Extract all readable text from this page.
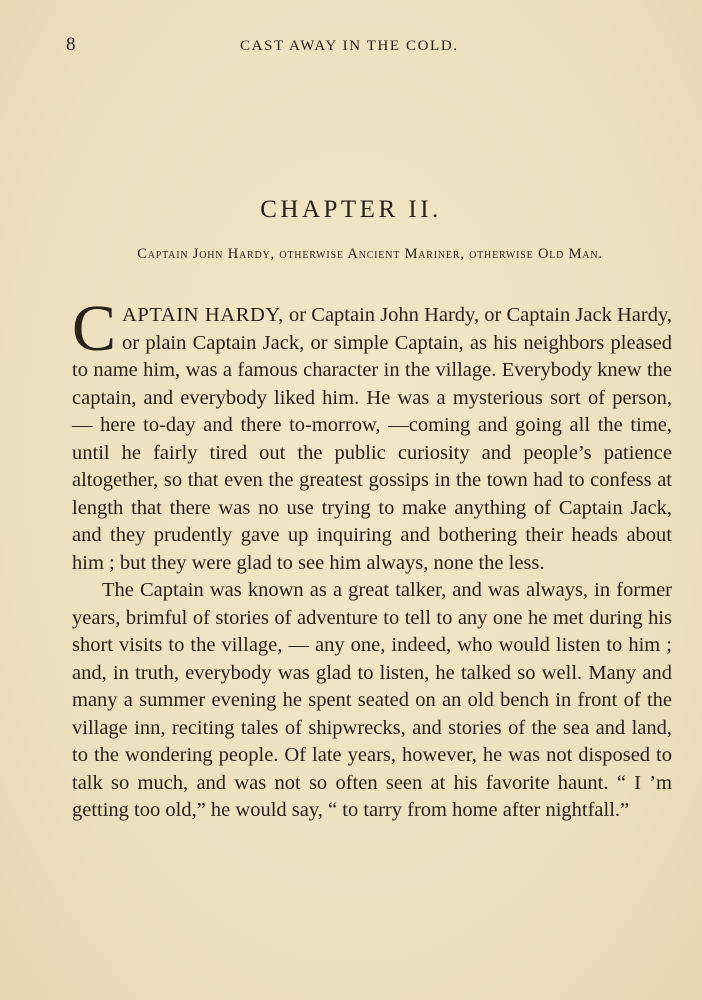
8	CAST AWAY IN THE COLD.
CHAPTER II.
Captain John Hardy, otherwise Ancient Mariner, otherwise Old Man.

CAPTAIN HARDY, or Captain John Hardy, or Captain Jack Hardy, or plain Captain Jack, or simple Captain, as his neighbors pleased to name him, was a famous character in the village. Everybody knew the captain, and everybody liked him. He was a mysterious sort of person, — here to-day and there to-morrow, —coming and going all the time, until he fairly tired out the public curiosity and people’s patience altogether, so that even the greatest gossips in the town had to confess at length that there was no use trying to make anything of Captain Jack, and they prudently gave up inquiring and bothering their heads about him ; but they were glad to see him always, none the less.

The Captain was known as a great talker, and was always, in former years, brimful of stories of adventure to tell to any one he met during his short visits to the village, — any one, indeed, who would listen to him ; and, in truth, everybody was glad to listen, he talked so well. Many and many a summer evening he spent seated on an old bench in front of the village inn, reciting tales of shipwrecks, and stories of the sea and land, to the wondering people. Of late years, however, he was not disposed to talk so much, and was not so often seen at his favorite haunt. “ I ’m getting too old,” he would say, “ to tarry from home after nightfall.”
